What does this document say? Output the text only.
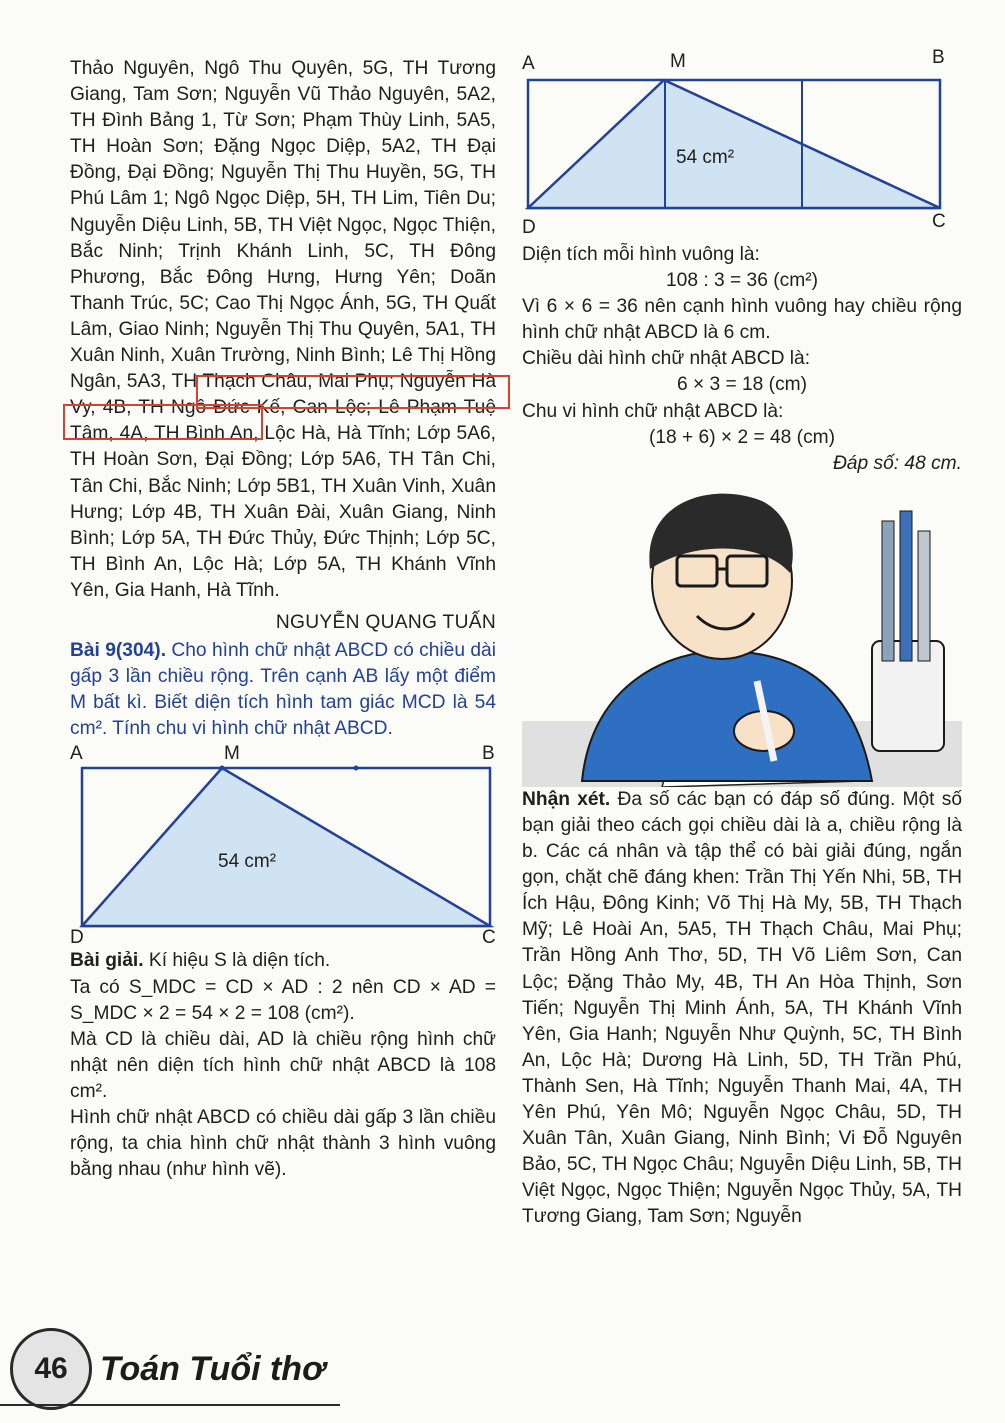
Thảo Nguyên, Ngô Thu Quyên, 5G, TH Tương Giang, Tam Sơn; Nguyễn Vũ Thảo Nguyên, 5A2, TH Đình Bảng 1, Từ Sơn; Phạm Thùy Linh, 5A5, TH Hoàn Sơn; Đặng Ngọc Diệp, 5A2, TH Đại Đồng, Đại Đồng; Nguyễn Thị Thu Huyền, 5G, TH Phú Lâm 1; Ngô Ngọc Diệp, 5H, TH Lim, Tiên Du; Nguyễn Diệu Linh, 5B, TH Việt Ngọc, Ngọc Thiện, Bắc Ninh; Trịnh Khánh Linh, 5C, TH Đông Phương, Bắc Đông Hưng, Hưng Yên; Doãn Thanh Trúc, 5C; Cao Thị Ngọc Ánh, 5G, TH Quất Lâm, Giao Ninh; Nguyễn Thị Thu Quyên, 5A1, TH Xuân Ninh, Xuân Trường, Ninh Bình; Lê Thị Hồng Ngân, 5A3, TH Thạch Châu, Mai Phụ; Nguyễn Hà Vy, 4B, TH Ngô Đức Kế, Can Lộc; Lê Phạm Tuệ Tâm, 4A, TH Bình An, Lộc Hà, Hà Tĩnh; Lớp 5A6, TH Hoàn Sơn, Đại Đồng; Lớp 5A6, TH Tân Chi, Tân Chi, Bắc Ninh; Lớp 5B1, TH Xuân Vinh, Xuân Hưng; Lớp 4B, TH Xuân Đài, Xuân Giang, Ninh Bình; Lớp 5A, TH Đức Thủy, Đức Thịnh; Lớp 5C, TH Bình An, Lộc Hà; Lớp 5A, TH Khánh Vĩnh Yên, Gia Hanh, Hà Tĩnh.

NGUYỄN QUANG TUẤN

Bài 9(304). Cho hình chữ nhật ABCD có chiều dài gấp 3 lần chiều rộng. Trên cạnh AB lấy một điểm M bất kì. Biết diện tích hình tam giác MCD là 54 cm². Tính chu vi hình chữ nhật ABCD.

A	M	B
D	C
54 cm²

Bài giải. Kí hiệu S là diện tích.

Ta có S_MDC = CD × AD : 2 nên CD × AD = S_MDC × 2 = 54 × 2 = 108 (cm²).

Mà CD là chiều dài, AD là chiều rộng hình chữ nhật nên diện tích hình chữ nhật ABCD là 108 cm².

Hình chữ nhật ABCD có chiều dài gấp 3 lần chiều rộng, ta chia hình chữ nhật thành 3 hình vuông bằng nhau (như hình vẽ).

A	M	B
D	C
54 cm²

Diện tích mỗi hình vuông là:

108 : 3 = 36 (cm²)

Vì 6 × 6 = 36 nên cạnh hình vuông hay chiều rộng hình chữ nhật ABCD là 6 cm.

Chiều dài hình chữ nhật ABCD là:

6 × 3 = 18 (cm)

Chu vi hình chữ nhật ABCD là:

(18 + 6) × 2 = 48 (cm)

Đáp số: 48 cm.

Nhận xét. Đa số các bạn có đáp số đúng. Một số bạn giải theo cách gọi chiều dài là a, chiều rộng là b. Các cá nhân và tập thể có bài giải đúng, ngắn gọn, chặt chẽ đáng khen: Trần Thị Yến Nhi, 5B, TH Ích Hậu, Đông Kinh; Võ Thị Hà My, 5B, TH Thạch Mỹ; Lê Hoài An, 5A5, TH Thạch Châu, Mai Phụ; Trần Hồng Anh Thơ, 5D, TH Võ Liêm Sơn, Can Lộc; Đặng Thảo My, 4B, TH An Hòa Thịnh, Sơn Tiến; Nguyễn Thị Minh Ánh, 5A, TH Khánh Vĩnh Yên, Gia Hanh; Nguyễn Như Quỳnh, 5C, TH Bình An, Lộc Hà; Dương Hà Linh, 5D, TH Trần Phú, Thành Sen, Hà Tĩnh; Nguyễn Thanh Mai, 4A, TH Yên Phú, Yên Mô; Nguyễn Ngọc Châu, 5D, TH Xuân Tân, Xuân Giang, Ninh Bình; Vi Đỗ Nguyên Bảo, 5C, TH Ngọc Châu; Nguyễn Diệu Linh, 5B, TH Việt Ngọc, Ngọc Thiện; Nguyễn Ngọc Thủy, 5A, TH Tương Giang, Tam Sơn; Nguyễn

46 Toán Tuổi thơ
